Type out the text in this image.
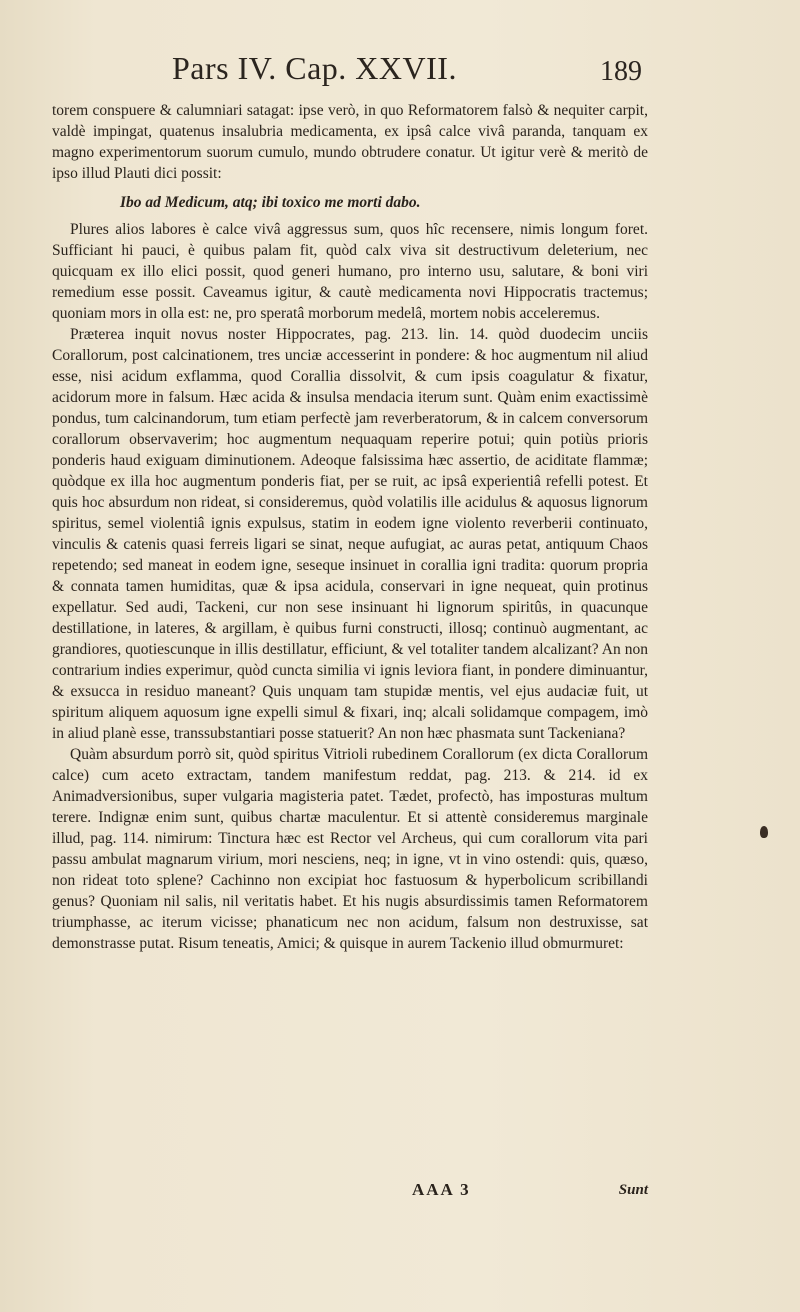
Pars IV. Cap. XXVII.	189

torem conspuere & calumniari satagat: ipse verò, in quo Reformatorem falsò & nequiter carpit, valdè impingat, quatenus insalubria medicamenta, ex ipsâ calce vivâ paranda, tanquam ex magno experimentorum suorum cumulo, mundo obtrudere conatur. Ut igitur verè & meritò de ipso illud Plauti dici possit:

Ibo ad Medicum, atq; ibi toxico me morti dabo.

Plures alios labores è calce vivâ aggressus sum, quos hîc recensere, nimis longum foret. Sufficiant hi pauci, è quibus palam fit, quòd calx viva sit destructivum deleterium, nec quicquam ex illo elici possit, quod generi humano, pro interno usu, salutare, & boni viri remedium esse possit. Caveamus igitur, & cautè medicamenta novi Hippocratis tractemus; quoniam mors in olla est: ne, pro speratâ morborum medelâ, mortem nobis acceleremus.

Præterea inquit novus noster Hippocrates, pag. 213. lin. 14. quòd duodecim unciis Corallorum, post calcinationem, tres unciæ accesserint in pondere: & hoc augmentum nil aliud esse, nisi acidum exflamma, quod Corallia dissolvit, & cum ipsis coagulatur & fixatur, acidorum more in falsum. Hæc acida & insulsa mendacia iterum sunt. Quàm enim exactissimè pondus, tum calcinandorum, tum etiam perfectè jam reverberatorum, & in calcem conversorum corallorum observaverim; hoc augmentum nequaquam reperire potui; quin potiùs prioris ponderis haud exiguam diminutionem. Adeoque falsissima hæc assertio, de aciditate flammæ; quòdque ex illa hoc augmentum ponderis fiat, per se ruit, ac ipsâ experientiâ refelli potest. Et quis hoc absurdum non rideat, si consideremus, quòd volatilis ille acidulus & aquosus lignorum spiritus, semel violentiâ ignis expulsus, statim in eodem igne violento reverberii continuato, vinculis & catenis quasi ferreis ligari se sinat, neque aufugiat, ac auras petat, antiquum Chaos repetendo; sed maneat in eodem igne, seseque insinuet in corallia igni tradita: quorum propria & connata tamen humiditas, quæ & ipsa acidula, conservari in igne nequeat, quin protinus expellatur. Sed audi, Tackeni, cur non sese insinuant hi lignorum spiritûs, in quacunque destillatione, in lateres, & argillam, è quibus furni constructi, illosq; continuò augmentant, ac grandiores, quotiescunque in illis destillatur, efficiunt, & vel totaliter tandem alcalizant? An non contrarium indies experimur, quòd cuncta similia vi ignis leviora fiant, in pondere diminuantur, & exsucca in residuo maneant? Quis unquam tam stupidæ mentis, vel ejus audaciæ fuit, ut spiritum aliquem aquosum igne expelli simul & fixari, inq; alcali solidamque compagem, imò in aliud planè esse, transsubstantiari posse statuerit? An non hæc phasmata sunt Tackeniana?

Quàm absurdum porrò sit, quòd spiritus Vitrioli rubedinem Corallorum (ex dicta Corallorum calce) cum aceto extractam, tandem manifestum reddat, pag. 213. & 214. id ex Animadversionibus, super vulgaria magisteria patet. Tædet, profectò, has imposturas multum terere. Indignæ enim sunt, quibus chartæ maculentur. Et si attentè consideremus marginale illud, pag. 114. nimirum: Tinctura hæc est Rector vel Archeus, qui cum corallorum vita pari passu ambulat magnarum virium, mori nesciens, neq; in igne, vt in vino ostendi: quis, quæso, non rideat toto splene? Cachinno non excipiat hoc fastuosum & hyperbolicum scribillandi genus? Quoniam nil salis, nil veritatis habet. Et his nugis absurdissimis tamen Reformatorem triumphasse, ac iterum vicisse; phanaticum nec non acidum, falsum non destruxisse, sat demonstrasse putat. Risum teneatis, Amici; & quisque in aurem Tackenio illud obmurmuret:

AAA 3	Sunt
